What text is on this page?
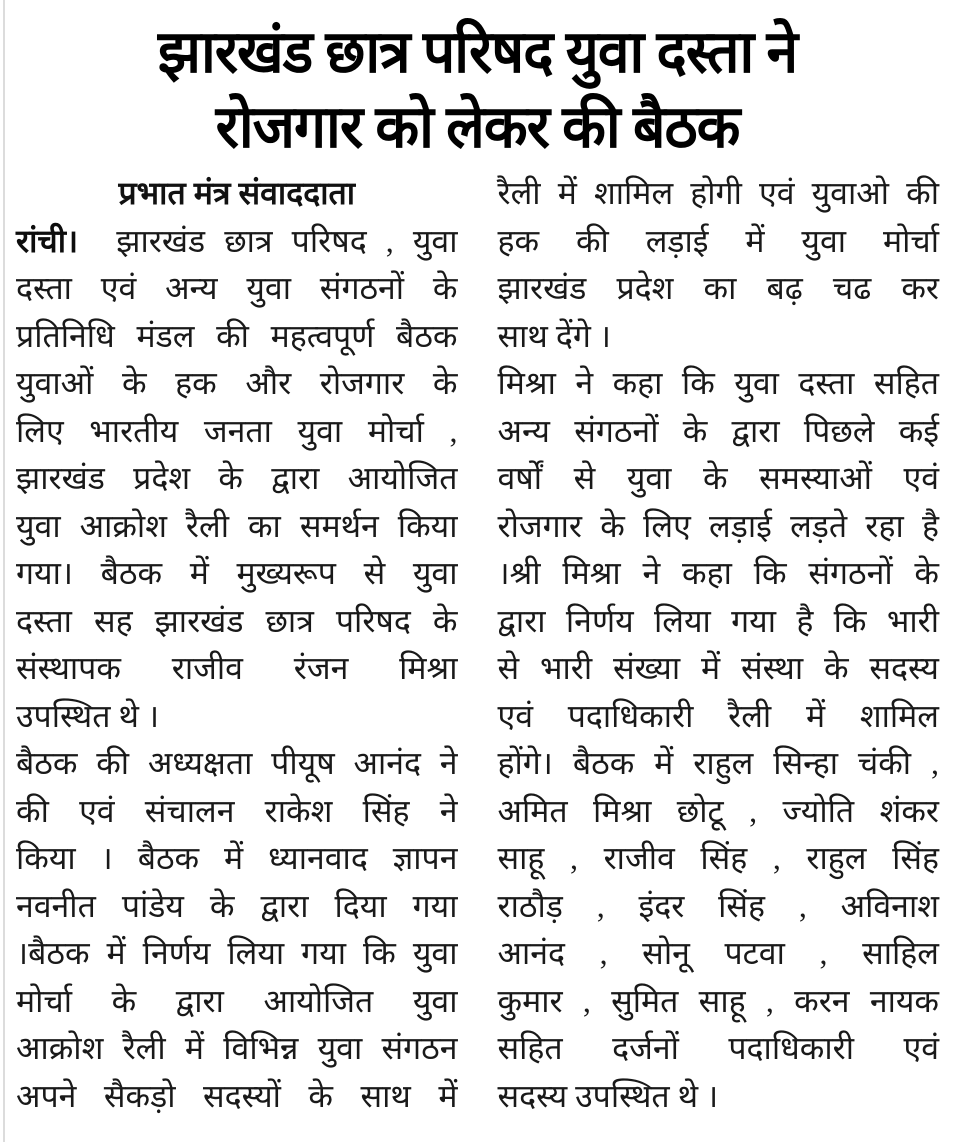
झारखंड छात्र परिषद युवा दस्ता ने
रोजगार को लेकर की बैठक
प्रभात मंत्र संवाददाता
रांची।  झारखंड छात्र परिषद , युवा
दस्ता एवं अन्य युवा संगठनों के
प्रतिनिधि मंडल की महत्वपूर्ण बैठक
युवाओं के हक और रोजगार के
लिए भारतीय जनता युवा मोर्चा ,
झारखंड प्रदेश के द्वारा आयोजित
युवा आक्रोश रैली का समर्थन किया
गया। बैठक में मुख्यरूप से युवा
दस्ता सह झारखंड छात्र परिषद के
संस्थापक राजीव रंजन मिश्रा
उपस्थित थे ।
बैठक की अध्यक्षता पीयूष आनंद ने
की एवं संचालन राकेश सिंह ने
किया । बैठक में ध्यानवाद ज्ञापन
नवनीत पांडेय के द्वारा दिया गया
।बैठक में निर्णय लिया गया कि युवा
मोर्चा के द्वारा आयोजित युवा
आक्रोश रैली में विभिन्न युवा संगठन
अपने सैकड़ो सदस्यों के साथ में
रैली में शामिल होगी एवं युवाओ की
हक की लड़ाई में युवा मोर्चा
झारखंड प्रदेश का बढ़ चढ कर
साथ देंगे ।
मिश्रा ने कहा कि युवा दस्ता सहित
अन्य संगठनों के द्वारा पिछले कई
वर्षों से युवा के समस्याओं एवं
रोजगार के लिए लड़ाई लड़ते रहा है
।श्री मिश्रा ने कहा कि संगठनों के
द्वारा निर्णय लिया गया है कि भारी
से भारी संख्या में संस्था के सदस्य
एवं पदाधिकारी रैली में शामिल
होंगे। बैठक में राहुल सिन्हा चंकी ,
अमित मिश्रा छोटू , ज्योति शंकर
साहू , राजीव सिंह , राहुल सिंह
राठौड़ , इंदर सिंह , अविनाश
आनंद , सोनू पटवा , साहिल
कुमार , सुमित साहू , करन नायक
सहित दर्जनों पदाधिकारी एवं
सदस्य उपस्थित थे ।
